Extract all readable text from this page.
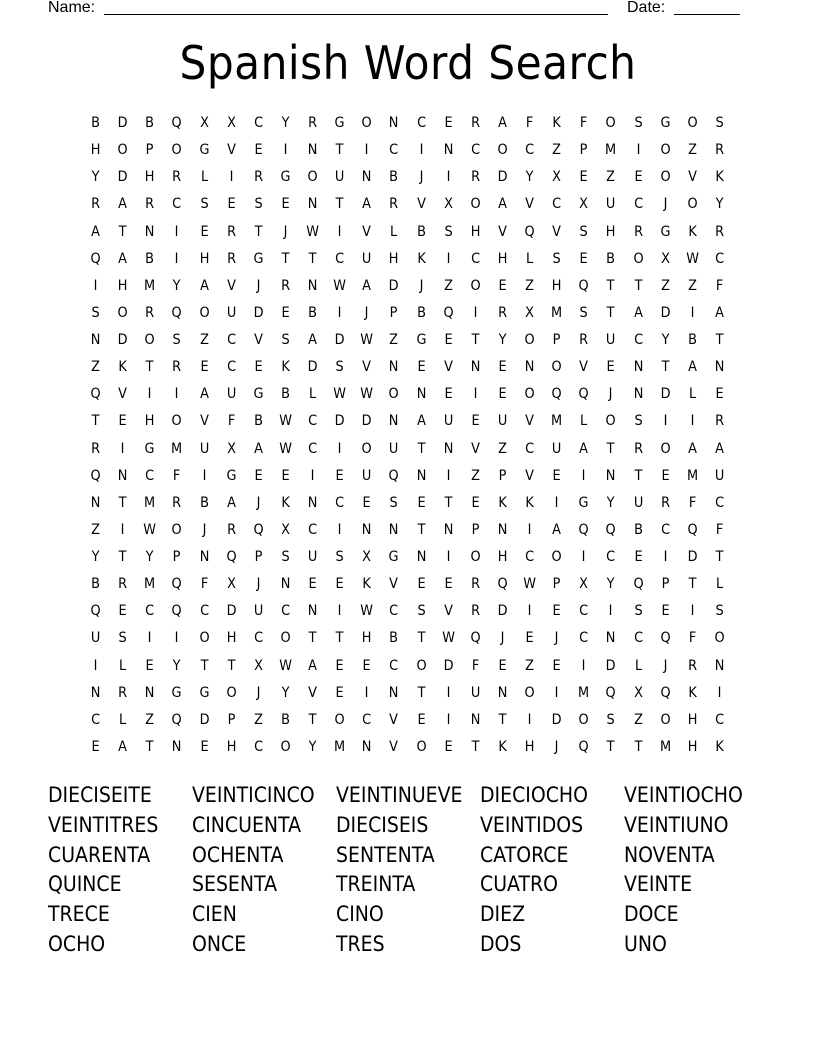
Name:	Date:
Spanish Word Search
B	D	B	Q	X	X	C	Y	R	G	O	N	C	E	R	A	F	K	F	O	S	G	O	S
H	O	P	O	G	V	E	I	N	T	I	C	I	N	C	O	C	Z	P	M	I	O	Z	R
Y	D	H	R	L	I	R	G	O	U	N	B	J	I	R	D	Y	X	E	Z	E	O	V	K
R	A	R	C	S	E	S	E	N	T	A	R	V	X	O	A	V	C	X	U	C	J	O	Y
A	T	N	I	E	R	T	J	W	I	V	L	B	S	H	V	Q	V	S	H	R	G	K	R
Q	A	B	I	H	R	G	T	T	C	U	H	K	I	C	H	L	S	E	B	O	X	W	C
I	H	M	Y	A	V	J	R	N	W	A	D	J	Z	O	E	Z	H	Q	T	T	Z	Z	F
S	O	R	Q	O	U	D	E	B	I	J	P	B	Q	I	R	X	M	S	T	A	D	I	A
N	D	O	S	Z	C	V	S	A	D	W	Z	G	E	T	Y	O	P	R	U	C	Y	B	T
Z	K	T	R	E	C	E	K	D	S	V	N	E	V	N	E	N	O	V	E	N	T	A	N
Q	V	I	I	A	U	G	B	L	W	W	O	N	E	I	E	O	Q	Q	J	N	D	L	E
T	E	H	O	V	F	B	W	C	D	D	N	A	U	E	U	V	M	L	O	S	I	I	R
R	I	G	M	U	X	A	W	C	I	O	U	T	N	V	Z	C	U	A	T	R	O	A	A
Q	N	C	F	I	G	E	E	I	E	U	Q	N	I	Z	P	V	E	I	N	T	E	M	U
N	T	M	R	B	A	J	K	N	C	E	S	E	T	E	K	K	I	G	Y	U	R	F	C
Z	I	W	O	J	R	Q	X	C	I	N	N	T	N	P	N	I	A	Q	Q	B	C	Q	F
Y	T	Y	P	N	Q	P	S	U	S	X	G	N	I	O	H	C	O	I	C	E	I	D	T
B	R	M	Q	F	X	J	N	E	E	K	V	E	E	R	Q	W	P	X	Y	Q	P	T	L
Q	E	C	Q	C	D	U	C	N	I	W	C	S	V	R	D	I	E	C	I	S	E	I	S
U	S	I	I	O	H	C	O	T	T	H	B	T	W	Q	J	E	J	C	N	C	Q	F	O
I	L	E	Y	T	T	X	W	A	E	E	C	O	D	F	E	Z	E	I	D	L	J	R	N
N	R	N	G	G	O	J	Y	V	E	I	N	T	I	U	N	O	I	M	Q	X	Q	K	I
C	L	Z	Q	D	P	Z	B	T	O	C	V	E	I	N	T	I	D	O	S	Z	O	H	C
E	A	T	N	E	H	C	O	Y	M	N	V	O	E	T	K	H	J	Q	T	T	M	H	K
DIECISEITE	VEINTICINCO	VEINTINUEVE DIECIOCHO	VEINTIOCHO
VEINTITRES	CINCUENTA	DIECISEIS	VEINTIDOS	VEINTIUNO
CUARENTA	OCHENTA	SENTENTA	CATORCE	NOVENTA
QUINCE	SESENTA	TREINTA	CUATRO	VEINTE
TRECE	CIEN	CINO	DIEZ	DOCE
OCHO	ONCE	TRES	DOS	UNO
